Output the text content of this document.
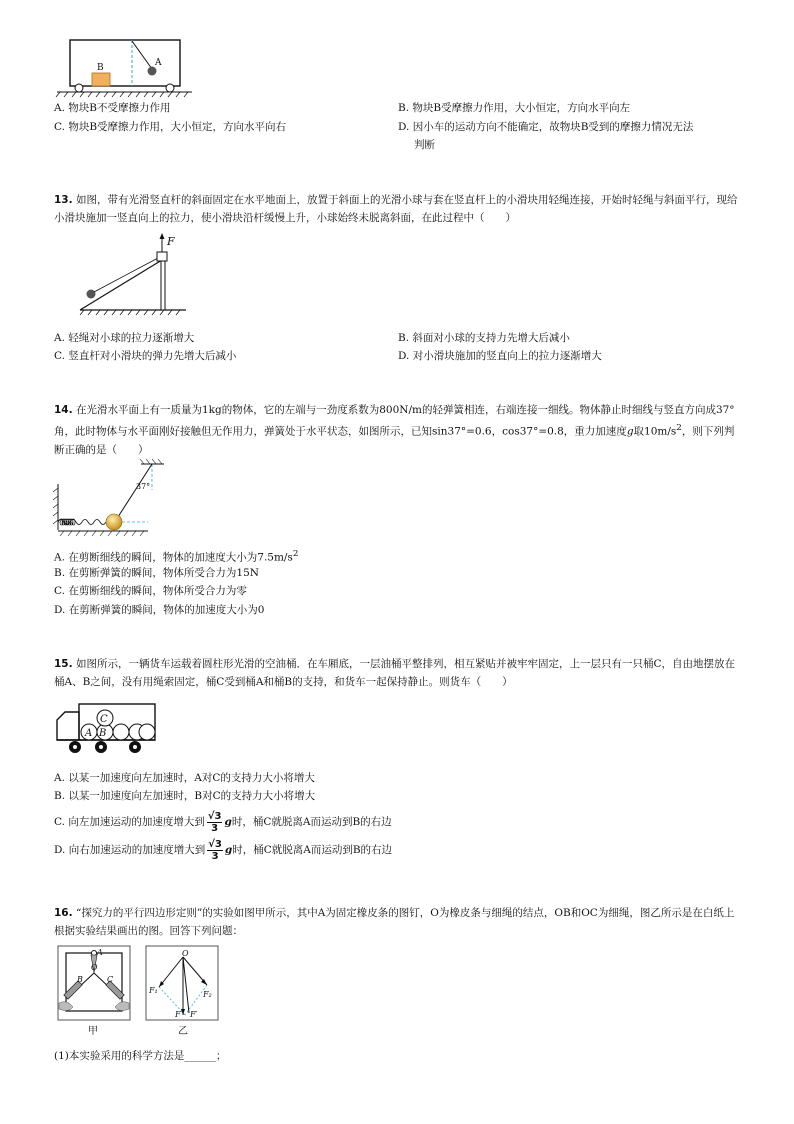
A
B
A. 物块B不受摩擦力作用	B. 物块B受摩擦力作用，大小恒定，方向水平向左
C. 物块B受摩擦力作用，大小恒定，方向水平向右	D. 因小车的运动方向不能确定，故物块B受到的摩擦力情况无法
判断
13. 如图，带有光滑竖直杆的斜面固定在水平地面上，放置于斜面上的光滑小球与套在竖直杆上的小滑块用轻绳连接，开始时轻绳与斜面平行，现给小滑块施加一竖直向上的拉力，使小滑块沿杆缓慢上升，小球始终未脱离斜面，在此过程中（　　）
F
A. 轻绳对小球的拉力逐渐增大	B. 斜面对小球的支持力先增大后减小
C. 竖直杆对小滑块的弹力先增大后减小	D. 对小滑块施加的竖直向上的拉力逐渐增大
14. 在光滑水平面上有一质量为1kg的物体，它的左端与一劲度系数为800N/m的轻弹簧相连，右端连接一细线。物体静止时细线与竖直方向成37°角，此时物体与水平面刚好接触但无作用力，弹簧处于水平状态，如图所示，已知sin37°=0.6，cos37°=0.8，重力加速度g取$10m/s^2$，则下列判断正确的是（　　）
37°
A. 在剪断细线的瞬间，物体的加速度大小为$7.5m/s^2$
B. 在剪断弹簧的瞬间，物体所受合力为15N
C. 在剪断细线的瞬间，物体所受合力为零
D. 在剪断弹簧的瞬间，物体的加速度大小为0
15. 如图所示，一辆货车运载着圆柱形光滑的空油桶．在车厢底，一层油桶平整排列，相互紧贴并被牢牢固定，上一层只有一只桶C，自由地摆放在桶A、B之间，没有用绳索固定，桶C受到桶A和桶B的支持，和货车一起保持静止。则货车（　　）
A B
C
A. 以某一加速度向左加速时，A对C的支持力大小将增大
B. 以某一加速度向左加速时，B对C的支持力大小将增大
C. 向左加速运动的加速度增大到 $\frac{√3}{3}$ g时，桶C就脱离A而运动到B的右边
D. 向右加速运动的加速度增大到 $\frac{√3}{3}$ g时，桶C就脱离A而运动到B的右边
16. “探究力的平行四边形定则”的实验如图甲所示，其中A为固定橡皮条的图钉，O为橡皮条与细绳的结点，OB和OC为细绳，图乙所示是在白纸上根据实验结果画出的图。回答下列问题：
A
O
B	C
甲
O
F₁	F₂
F F′
乙
(1)本实验采用的科学方法是______；
